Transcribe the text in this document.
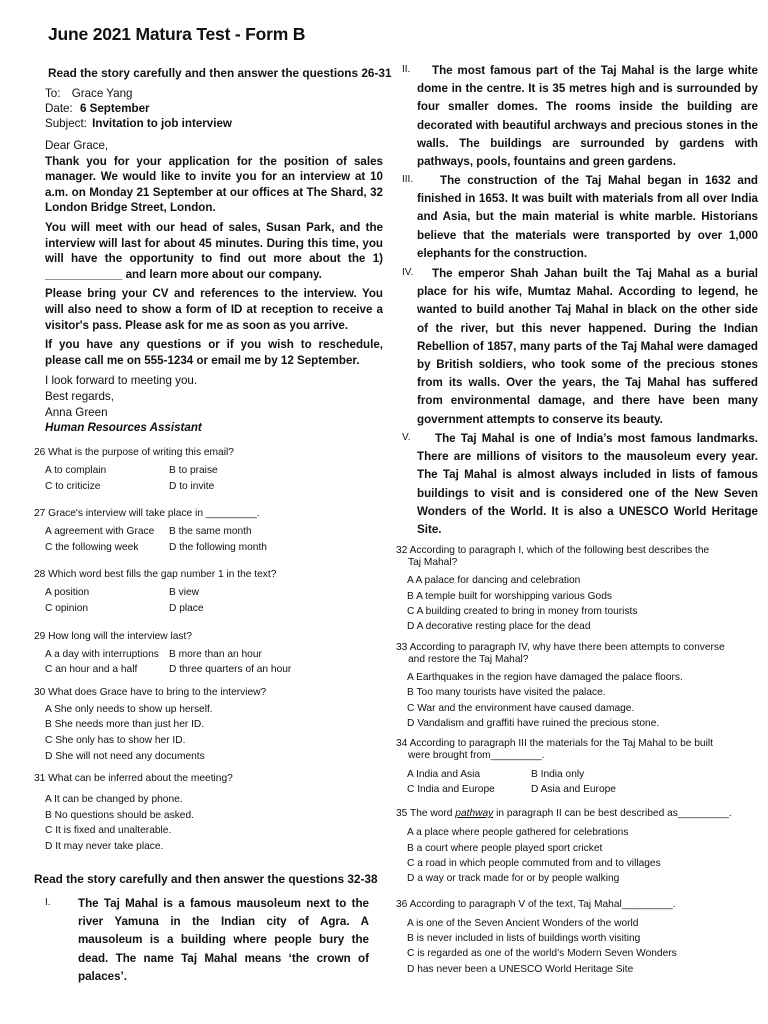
June 2021 Matura Test - Form B
Read the story carefully and then answer the questions 26-31
To: Grace Yang
Date: 6 September
Subject: Invitation to job interview
Dear Grace,
Thank you for your application for the position of sales manager. We would like to invite you for an interview at 10 a.m. on Monday 21 September at our offices at The Shard, 32 London Bridge Street, London.
You will meet with our head of sales, Susan Park, and the interview will last for about 45 minutes. During this time, you will have the opportunity to find out more about the 1) ____________ and learn more about our company.
Please bring your CV and references to the interview. You will also need to show a form of ID at reception to receive a visitor's pass. Please ask for me as soon as you arrive.
If you have any questions or if you wish to reschedule, please call me on 555-1234 or email me by 12 September.
I look forward to meeting you.
Best regards,
Anna Green
Human Resources Assistant
26 What is the purpose of writing this email?
A to complain	B to praise
C to criticize	D to invite
27 Grace's interview will take place in _________.
A agreement with Grace	B the same month
C the following week	D the following month
28 Which word best fills the gap number 1 in the text?
A position	B view
C opinion	D place
29 How long will the interview last?
A a day with interruptions B more than an hour
C an hour and a half	D three quarters of an hour
30 What does Grace have to bring to the interview?
A She only needs to show up herself.
B She needs more than just her ID.
C She only has to show her ID.
D She will not need any documents
31 What can be inferred about the meeting?
A It can be changed by phone.
B No questions should be asked.
C It is fixed and unalterable.
D It may never take place.
Read the story carefully and then answer the questions 32-38
I. The Taj Mahal is a famous mausoleum next to the river Yamuna in the Indian city of Agra. A mausoleum is a building where people bury the dead. The name Taj Mahal means ‘the crown of palaces’.
II.	The most famous part of the Taj Mahal is the large white dome in the centre. It is 35 metres high and is surrounded by four smaller domes. The rooms inside the building are decorated with beautiful archways and precious stones in the walls. The buildings are surrounded by gardens with pathways, pools, fountains and green gardens.
III.	The construction of the Taj Mahal began in 1632 and finished in 1653. It was built with materials from all over India and Asia, but the main material is white marble. Historians believe that the materials were transported by over 1,000 elephants for the construction.
IV.	The emperor Shah Jahan built the Taj Mahal as a burial place for his wife, Mumtaz Mahal. According to legend, he wanted to build another Taj Mahal in black on the other side of the river, but this never happened. During the Indian Rebellion of 1857, many parts of the Taj Mahal were damaged by British soldiers, who took some of the precious stones from its walls. Over the years, the Taj Mahal has suffered from environmental damage, and there have been many government attempts to conserve its beauty.
V.	The Taj Mahal is one of India’s most famous landmarks. There are millions of visitors to the mausoleum every year. The Taj Mahal is almost always included in lists of famous buildings to visit and is considered one of the New Seven Wonders of the World. It is also a UNESCO World Heritage Site.
32 According to paragraph I, which of the following best describes the
Taj Mahal?
A A palace for dancing and celebration
B A temple built for worshipping various Gods
C A building created to bring in money from tourists
D A decorative resting place for the dead
33 According to paragraph IV, why have there been attempts to converse
and restore the Taj Mahal?
A Earthquakes in the region have damaged the palace floors.
B Too many tourists have visited the palace.
C War and the environment have caused damage.
D Vandalism and graffiti have ruined the precious stone.
34 According to paragraph III the materials for the Taj Mahal to be built
were brought from_________.
A India and Asia	B India only
C India and Europe	D Asia and Europe
35 The word pathway in paragraph II can be best described as_________.
A a place where people gathered for celebrations
B a court where people played sport cricket
C a road in which people commuted from and to villages
D a way or track made for or by people walking
36 According to paragraph V of the text, Taj Mahal_________.
A is one of the Seven Ancient Wonders of the world
B is never included in lists of buildings worth visiting
C is regarded as one of the world’s Modern Seven Wonders
D has never been a UNESCO World Heritage Site
